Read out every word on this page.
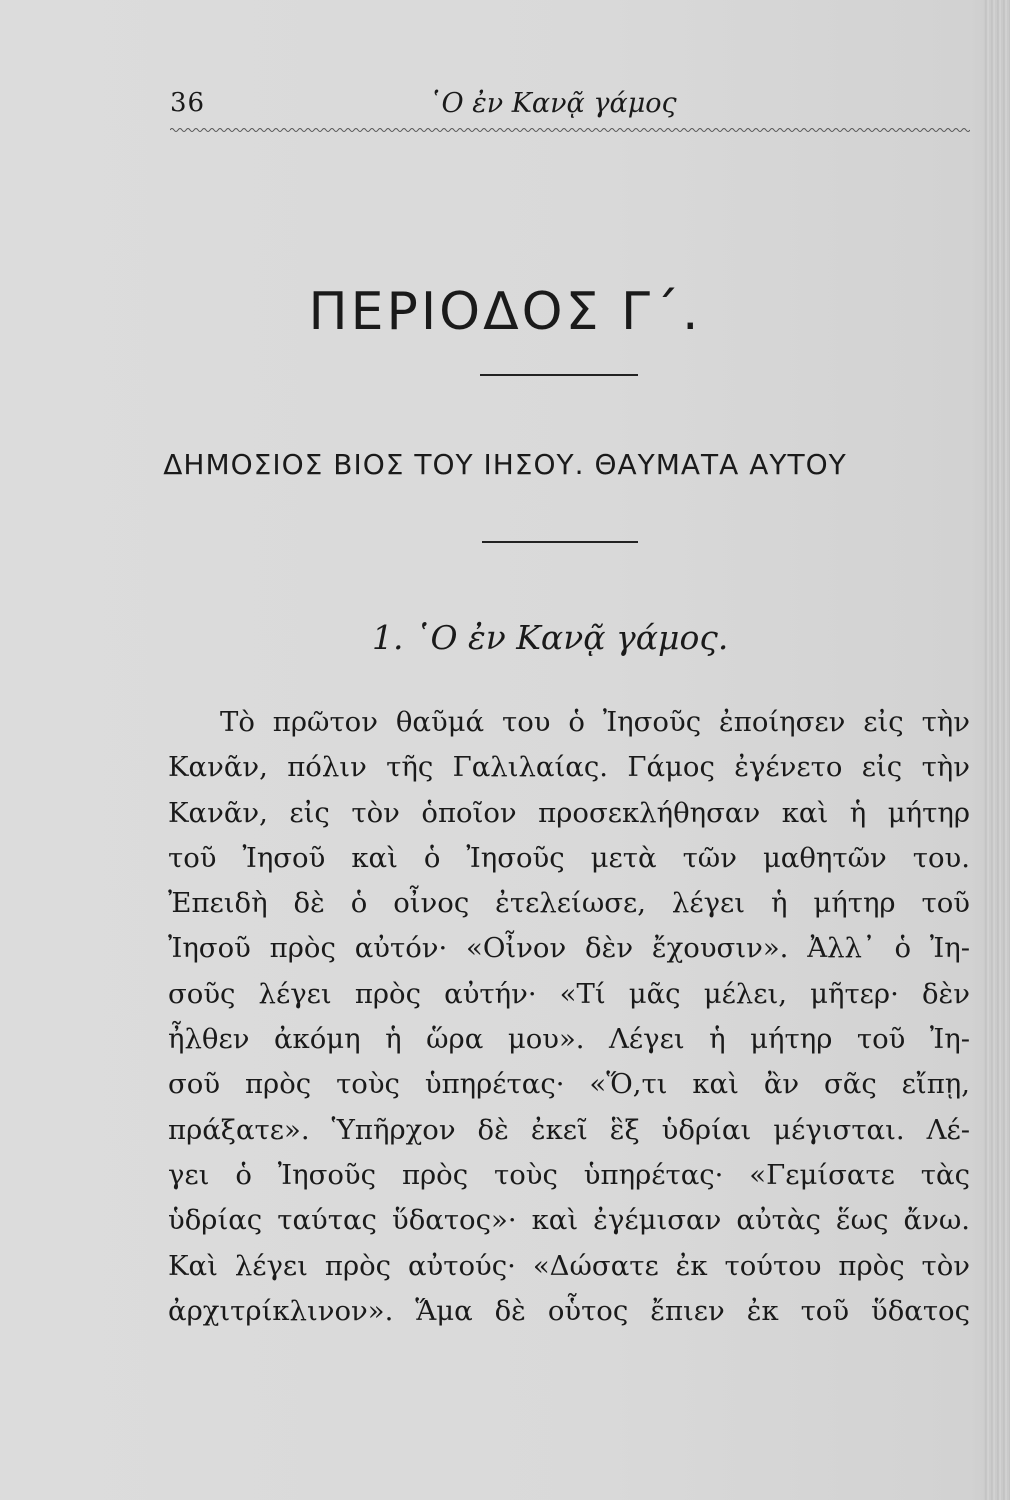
36	῾Ο ἐν Κανᾷ γάμος
ΠΕΡΙΟΔΟΣ Γ΄.
ΔΗΜΟΣΙΟΣ ΒΙΟΣ ΤΟΥ ΙΗΣΟΥ. ΘΑΥΜΑΤΑ ΑΥΤΟΥ
1. ῾Ο ἐν Κανᾷ γάμος.
Τὸ πρῶτον θαῦμά του ὁ Ἰησοῦς ἐποίησεν εἰς τὴν
Κανᾶν, πόλιν τῆς Γαλιλαίας. Γάμος ἐγένετο εἰς τὴν
Κανᾶν, εἰς τὸν ὁποῖον προσεκλήθησαν καὶ ἡ μήτηρ
τοῦ Ἰησοῦ καὶ ὁ Ἰησοῦς μετὰ τῶν μαθητῶν του.
Ἐπειδὴ δὲ ὁ οἶνος ἐτελείωσε, λέγει ἡ μήτηρ τοῦ
Ἰησοῦ πρὸς αὐτόν· «Οἶνον δὲν ἔχουσιν». Ἀλλ᾽ ὁ Ἰη-
σοῦς λέγει πρὸς αὐτήν· «Τί μᾶς μέλει, μῆτερ· δὲν
ἦλθεν ἀκόμη ἡ ὥρα μου». Λέγει ἡ μήτηρ τοῦ Ἰη-
σοῦ πρὸς τοὺς ὑπηρέτας· «Ὅ,τι καὶ ἂν σᾶς εἴπῃ,
πράξατε». Ὑπῆρχον δὲ ἐκεῖ ἓξ ὑδρίαι μέγισται. Λέ-
γει ὁ Ἰησοῦς πρὸς τοὺς ὑπηρέτας· «Γεμίσατε τὰς
ὑδρίας ταύτας ὕδατος»· καὶ ἐγέμισαν αὐτὰς ἕως ἄνω.
Καὶ λέγει πρὸς αὐτούς· «Δώσατε ἐκ τούτου πρὸς τὸν
ἀρχιτρίκλινον». Ἅμα δὲ οὗτος ἔπιεν ἐκ τοῦ ὕδατος
